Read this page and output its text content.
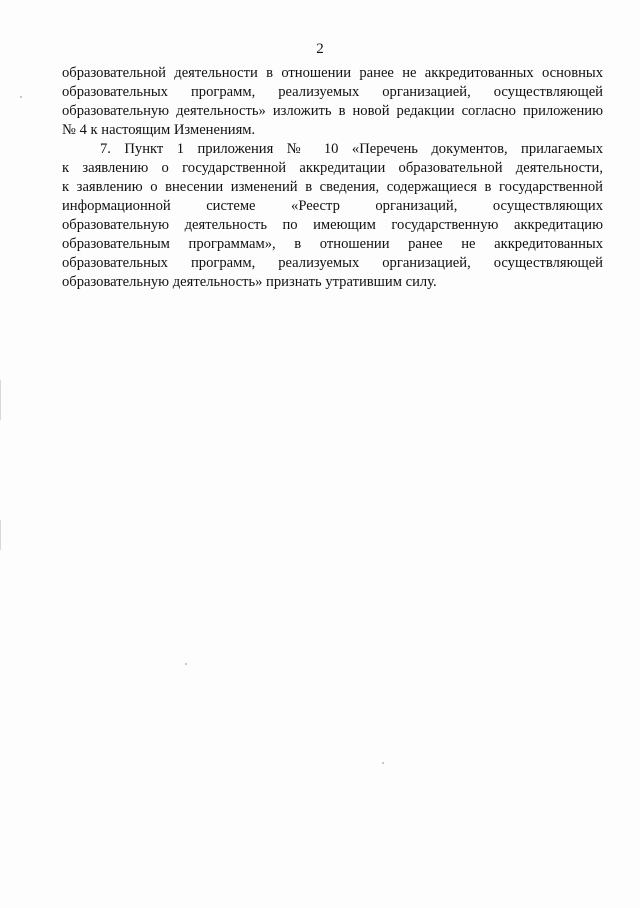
2
образовательной деятельности в отношении ранее не аккредитованных основных
образовательных программ, реализуемых организацией, осуществляющей
образовательную деятельность» изложить в новой редакции согласно приложению
№ 4 к настоящим Изменениям.
7. Пункт 1 приложения № 10 «Перечень документов, прилагаемых
к заявлению о государственной аккредитации образовательной деятельности,
к заявлению о внесении изменений в сведения, содержащиеся в государственной
информационной системе «Реестр организаций, осуществляющих
образовательную деятельность по имеющим государственную аккредитацию
образовательным программам», в отношении ранее не аккредитованных
образовательных программ, реализуемых организацией, осуществляющей
образовательную деятельность» признать утратившим силу.
